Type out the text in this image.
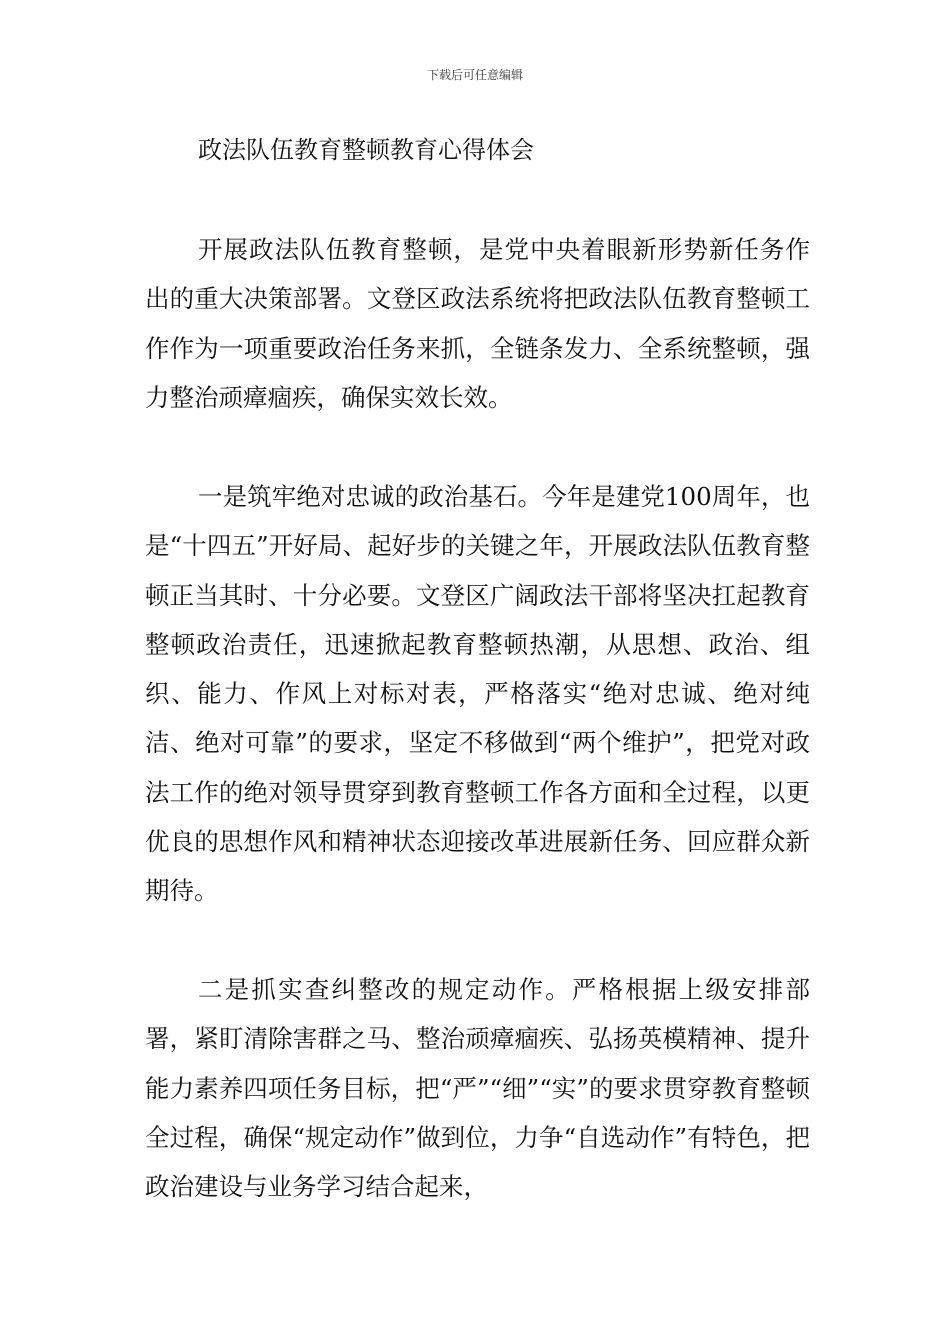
下载后可任意编辑
政法队伍教育整顿教育心得体会

开展政法队伍教育整顿，是党中央着眼新形势新任务作出的重大决策部署。文登区政法系统将把政法队伍教育整顿工作作为一项重要政治任务来抓，全链条发力、全系统整顿，强力整治顽瘴痼疾，确保实效长效。

一是筑牢绝对忠诚的政治基石。今年是建党100周年，也是“十四五”开好局、起好步的关键之年，开展政法队伍教育整顿正当其时、十分必要。文登区广阔政法干部将坚决扛起教育整顿政治责任，迅速掀起教育整顿热潮，从思想、政治、组织、能力、作风上对标对表，严格落实“绝对忠诚、绝对纯洁、绝对可靠”的要求，坚定不移做到“两个维护”，把党对政法工作的绝对领导贯穿到教育整顿工作各方面和全过程，以更优良的思想作风和精神状态迎接改革进展新任务、回应群众新期待。

二是抓实查纠整改的规定动作。严格根据上级安排部署，紧盯清除害群之马、整治顽瘴痼疾、弘扬英模精神、提升能力素养四项任务目标，把“严”“细”“实”的要求贯穿教育整顿全过程，确保“规定动作”做到位，力争“自选动作”有特色，把政治建设与业务学习结合起来，
